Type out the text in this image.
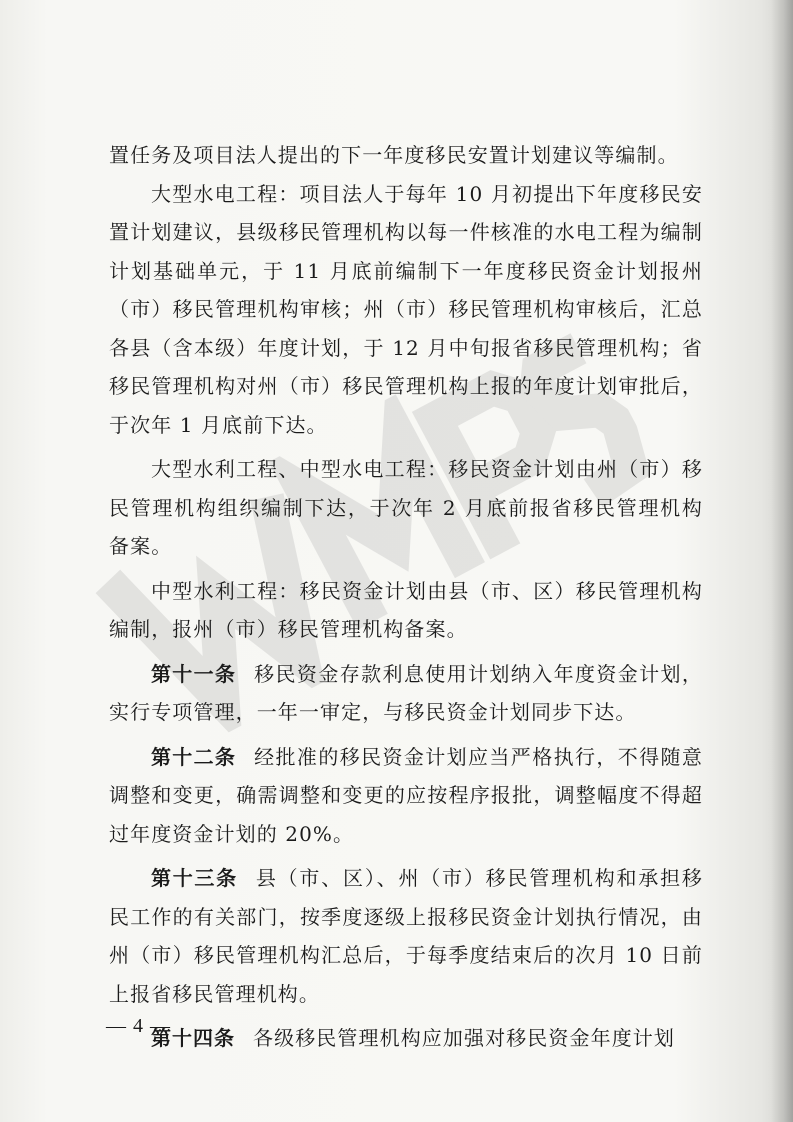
置任务及项目法人提出的下一年度移民安置计划建议等编制。

大型水电工程：项目法人于每年 10 月初提出下年度移民安置计划建议，县级移民管理机构以每一件核准的水电工程为编制计划基础单元，于 11 月底前编制下一年度移民资金计划报州（市）移民管理机构审核；州（市）移民管理机构审核后，汇总各县（含本级）年度计划，于 12 月中旬报省移民管理机构；省移民管理机构对州（市）移民管理机构上报的年度计划审批后，于次年 1 月底前下达。

大型水利工程、中型水电工程：移民资金计划由州（市）移民管理机构组织编制下达，于次年 2 月底前报省移民管理机构备案。

中型水利工程：移民资金计划由县（市、区）移民管理机构编制，报州（市）移民管理机构备案。

第十一条 移民资金存款利息使用计划纳入年度资金计划，实行专项管理，一年一审定，与移民资金计划同步下达。

第十二条 经批准的移民资金计划应当严格执行，不得随意调整和变更，确需调整和变更的应按程序报批，调整幅度不得超过年度资金计划的 20%。

第十三条 县（市、区）、州（市）移民管理机构和承担移民工作的有关部门，按季度逐级上报移民资金计划执行情况，由州（市）移民管理机构汇总后，于每季度结束后的次月 10 日前上报省移民管理机构。

第十四条 各级移民管理机构应加强对移民资金年度计划

— 4 —
